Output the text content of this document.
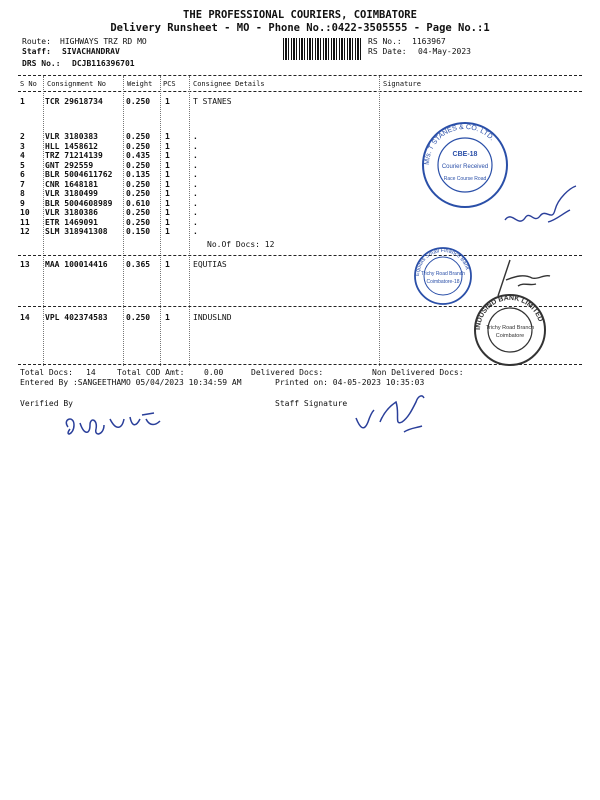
THE PROFESSIONAL COURIERS, COIMBATORE
Delivery Runsheet - MO - Phone No.:0422-3505555 - Page No.:1
Route: HIGHWAYS TRZ RD MO
Staff: SIVACHANDRAV
DRS No.: DCJB116396701
RS No.: 1163967
RS Date: 04-May-2023
S No Consignment No	Weight PCS Consignee Details	Signature
1	TCR 29618734	0.250 1	T STANES
2	VLR 3180383	0.250 1	.
3	HLL 1458612	0.250 1	.
4	TRZ 71214139	0.435 1	.
5	GNT 292559	0.250 1	.
6	BLR 5004611762 0.135 1	.
7	CNR 1648181	0.250 1	.
8	VLR 3180499	0.250 1	.
9	BLR 5004608989 0.610 1	.
10 VLR 3180386	0.250 1	.
11 ETR 1469091	0.250 1	.
12 SLM 318941308 0.150 1	.
No.Of Docs: 12
13 MAA 100014416 0.365 1	EQUTIAS
14 VPL 402374583 0.250 1	INDUSLND
Total Docs: 14	Total COD Amt: 0.00	Delivered Docs:	Non Delivered Docs:
Entered By :SANGEETHAMO 05/04/2023 10:34:59 AM	Printed on: 04-05-2023 10:35:03
Verified By	Staff Signature
M/s. T STANES & CO. LTD.
CBE-18
Courier Received
Race Course Road
Equitas Small Finance Bank
Trichy Road Branch
Coimbatore-18
INDUSIND BANK LIMITED
Trichy Road Branch
Coimbatore
